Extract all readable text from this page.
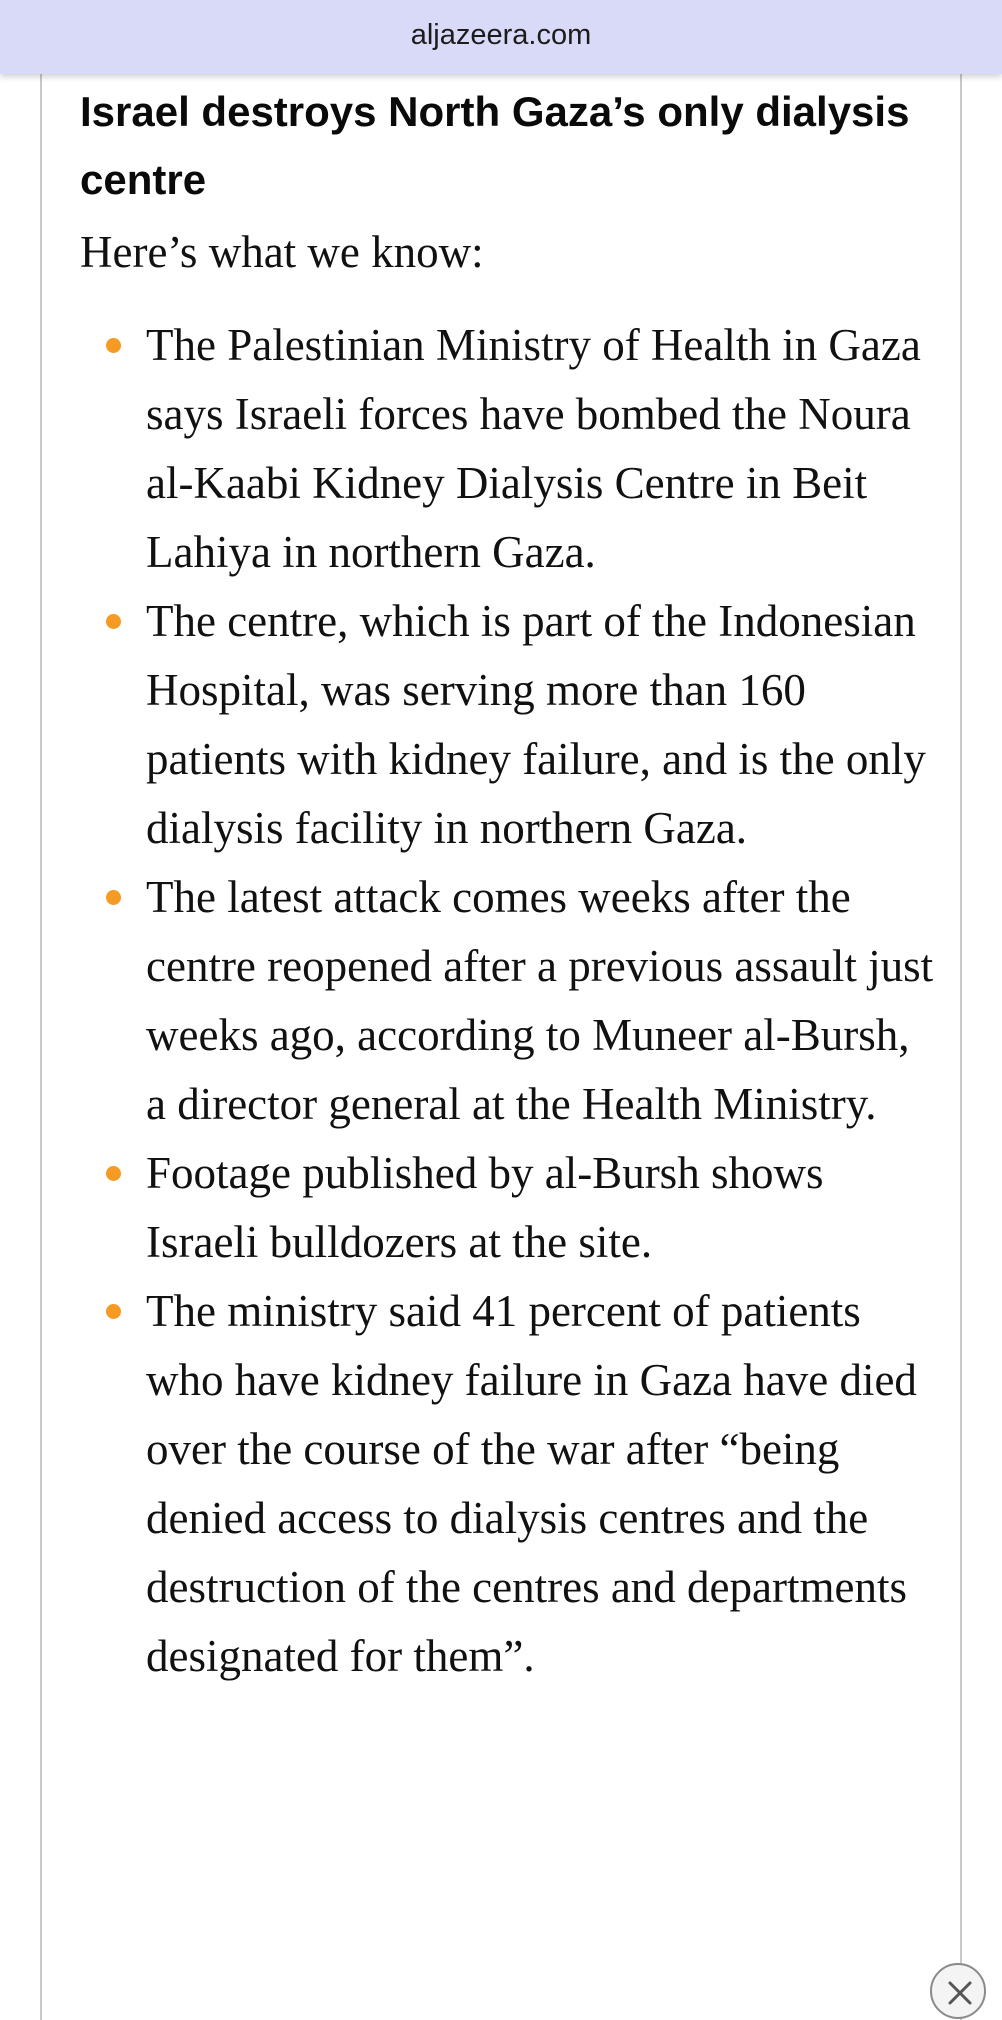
aljazeera.com
Israel destroys North Gaza’s only dialysis centre

Here’s what we know:

The Palestinian Ministry of Health in Gaza says Israeli forces have bombed the Noura al-Kaabi Kidney Dialysis Centre in Beit Lahiya in northern Gaza.
The centre, which is part of the Indonesian Hospital, was serving more than 160 patients with kidney failure, and is the only dialysis facility in northern Gaza.
The latest attack comes weeks after the centre reopened after a previous assault just weeks ago, according to Muneer al-Bursh, a director general at the Health Ministry.
Footage published by al-Bursh shows Israeli bulldozers at the site.
The ministry said 41 percent of patients who have kidney failure in Gaza have died over the course of the war after “being denied access to dialysis centres and the destruction of the centres and departments designated for them”.
